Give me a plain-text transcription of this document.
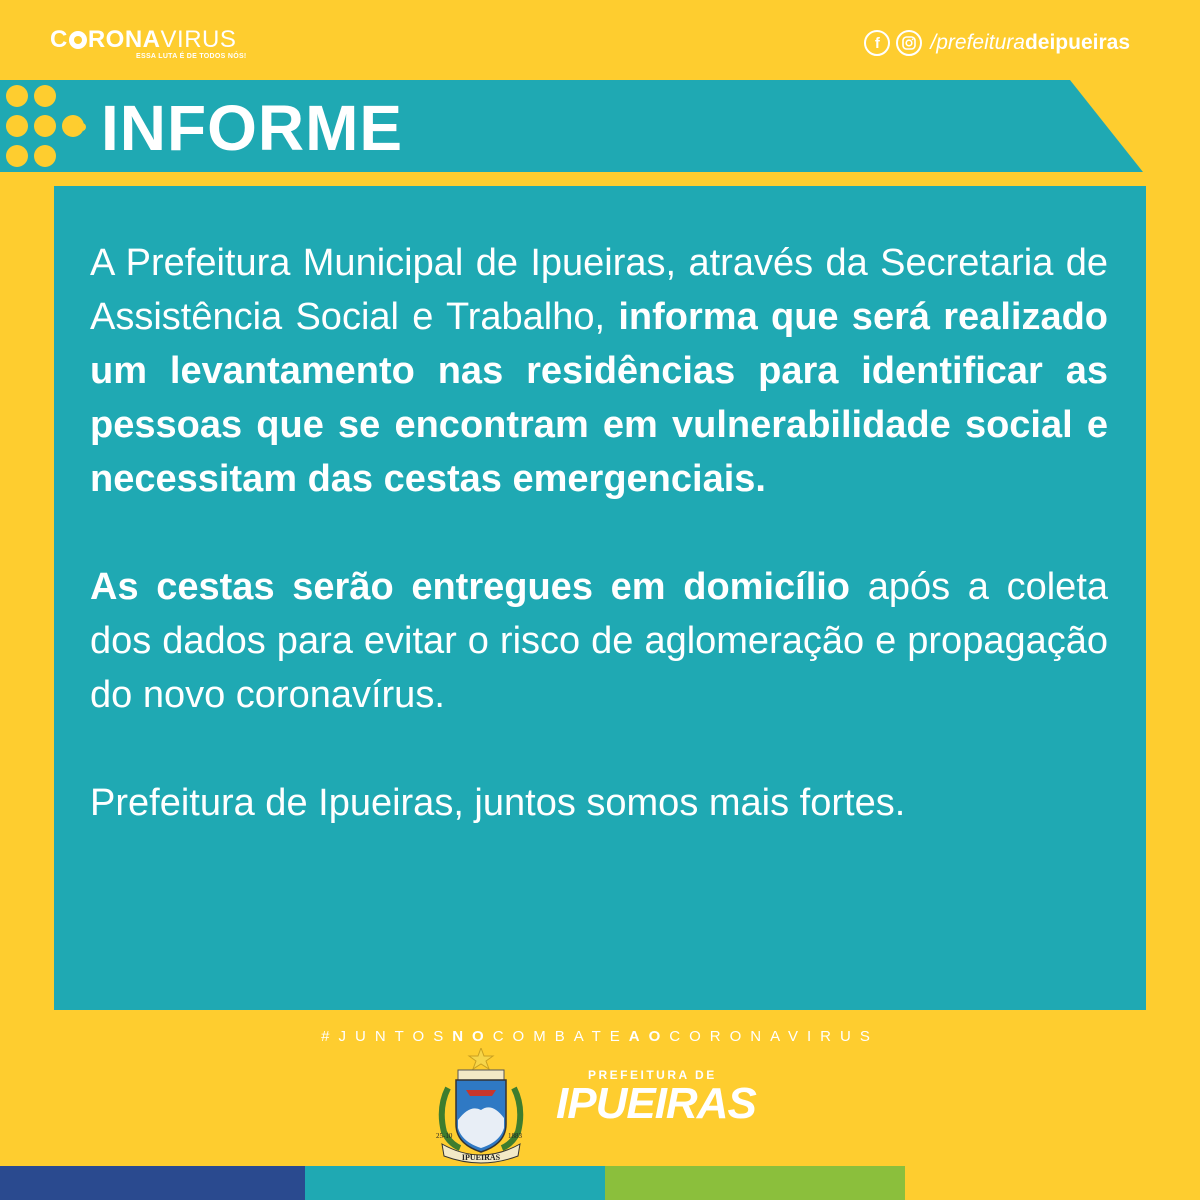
C RONA VIRUS
ESSA LUTA É DE TODOS NÓS!
f	/prefeituradeipueiras
INFORME

A Prefeitura Municipal de Ipueiras, através da Secretaria de Assistência Social e Trabalho, informa que será realizado um levantamento nas residências para identificar as pessoas que se encontram em vulnerabilidade social e necessitam das cestas emergenciais.

As cestas serão entregues em domicílio após a coleta dos dados para evitar o risco de aglomeração e propagação do novo coronavírus.

Prefeitura de Ipueiras, juntos somos mais fortes.

#JUNTOSNOCOMBATEAOCORONAVIRUS
25-10	1883
IPUEIRAS
PREFEITURA DE
IPUEIRAS
